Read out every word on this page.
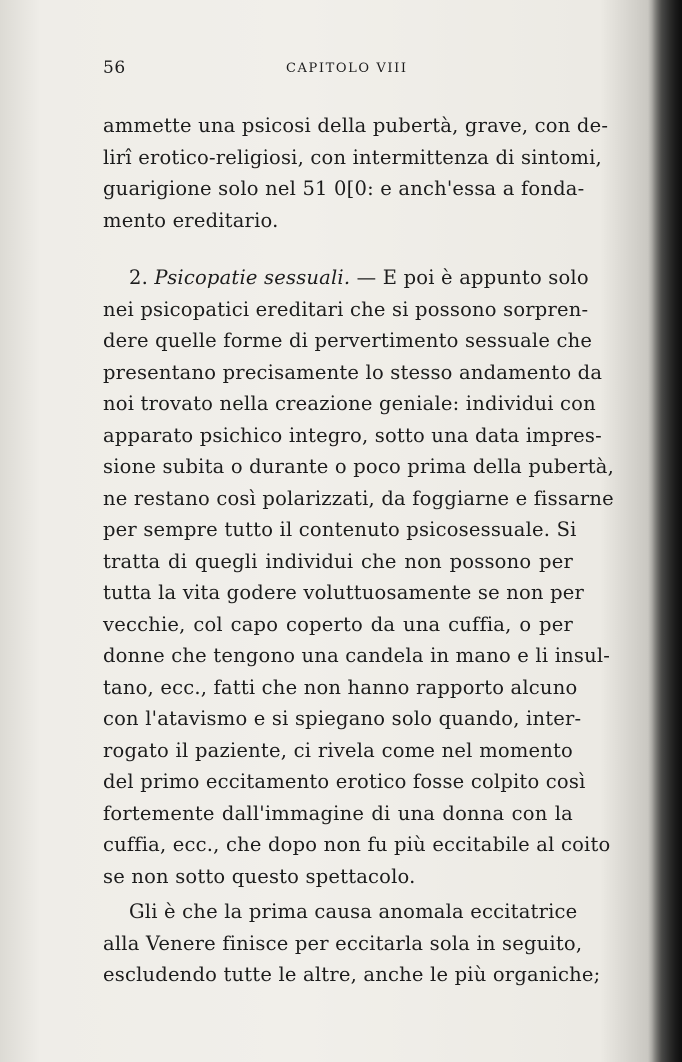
56	CAPITOLO VIII
ammette una psicosi della pubertà, grave, con de-
lirî erotico-religiosi, con intermittenza di sintomi,
guarigione solo nel 51 0[0: e anch'essa a fonda-
mento ereditario.
2. Psicopatie sessuali. — E poi è appunto solo
nei psicopatici ereditari che si possono sorpren-
dere quelle forme di pervertimento sessuale che
presentano precisamente lo stesso andamento da
noi trovato nella creazione geniale: individui con
apparato psichico integro, sotto una data impres-
sione subita o durante o poco prima della pubertà,
ne restano così polarizzati, da foggiarne e fissarne
per sempre tutto il contenuto psicosessuale. Si
tratta di quegli individui che non possono per
tutta la vita godere voluttuosamente se non per
vecchie, col capo coperto da una cuffia, o per
donne che tengono una candela in mano e li insul-
tano, ecc., fatti che non hanno rapporto alcuno
con l'atavismo e si spiegano solo quando, inter-
rogato il paziente, ci rivela come nel momento
del primo eccitamento erotico fosse colpito così
fortemente dall'immagine di una donna con la
cuffia, ecc., che dopo non fu più eccitabile al coito
se non sotto questo spettacolo.
Gli è che la prima causa anomala eccitatrice
alla Venere finisce per eccitarla sola in seguito,
escludendo tutte le altre, anche le più organiche;
